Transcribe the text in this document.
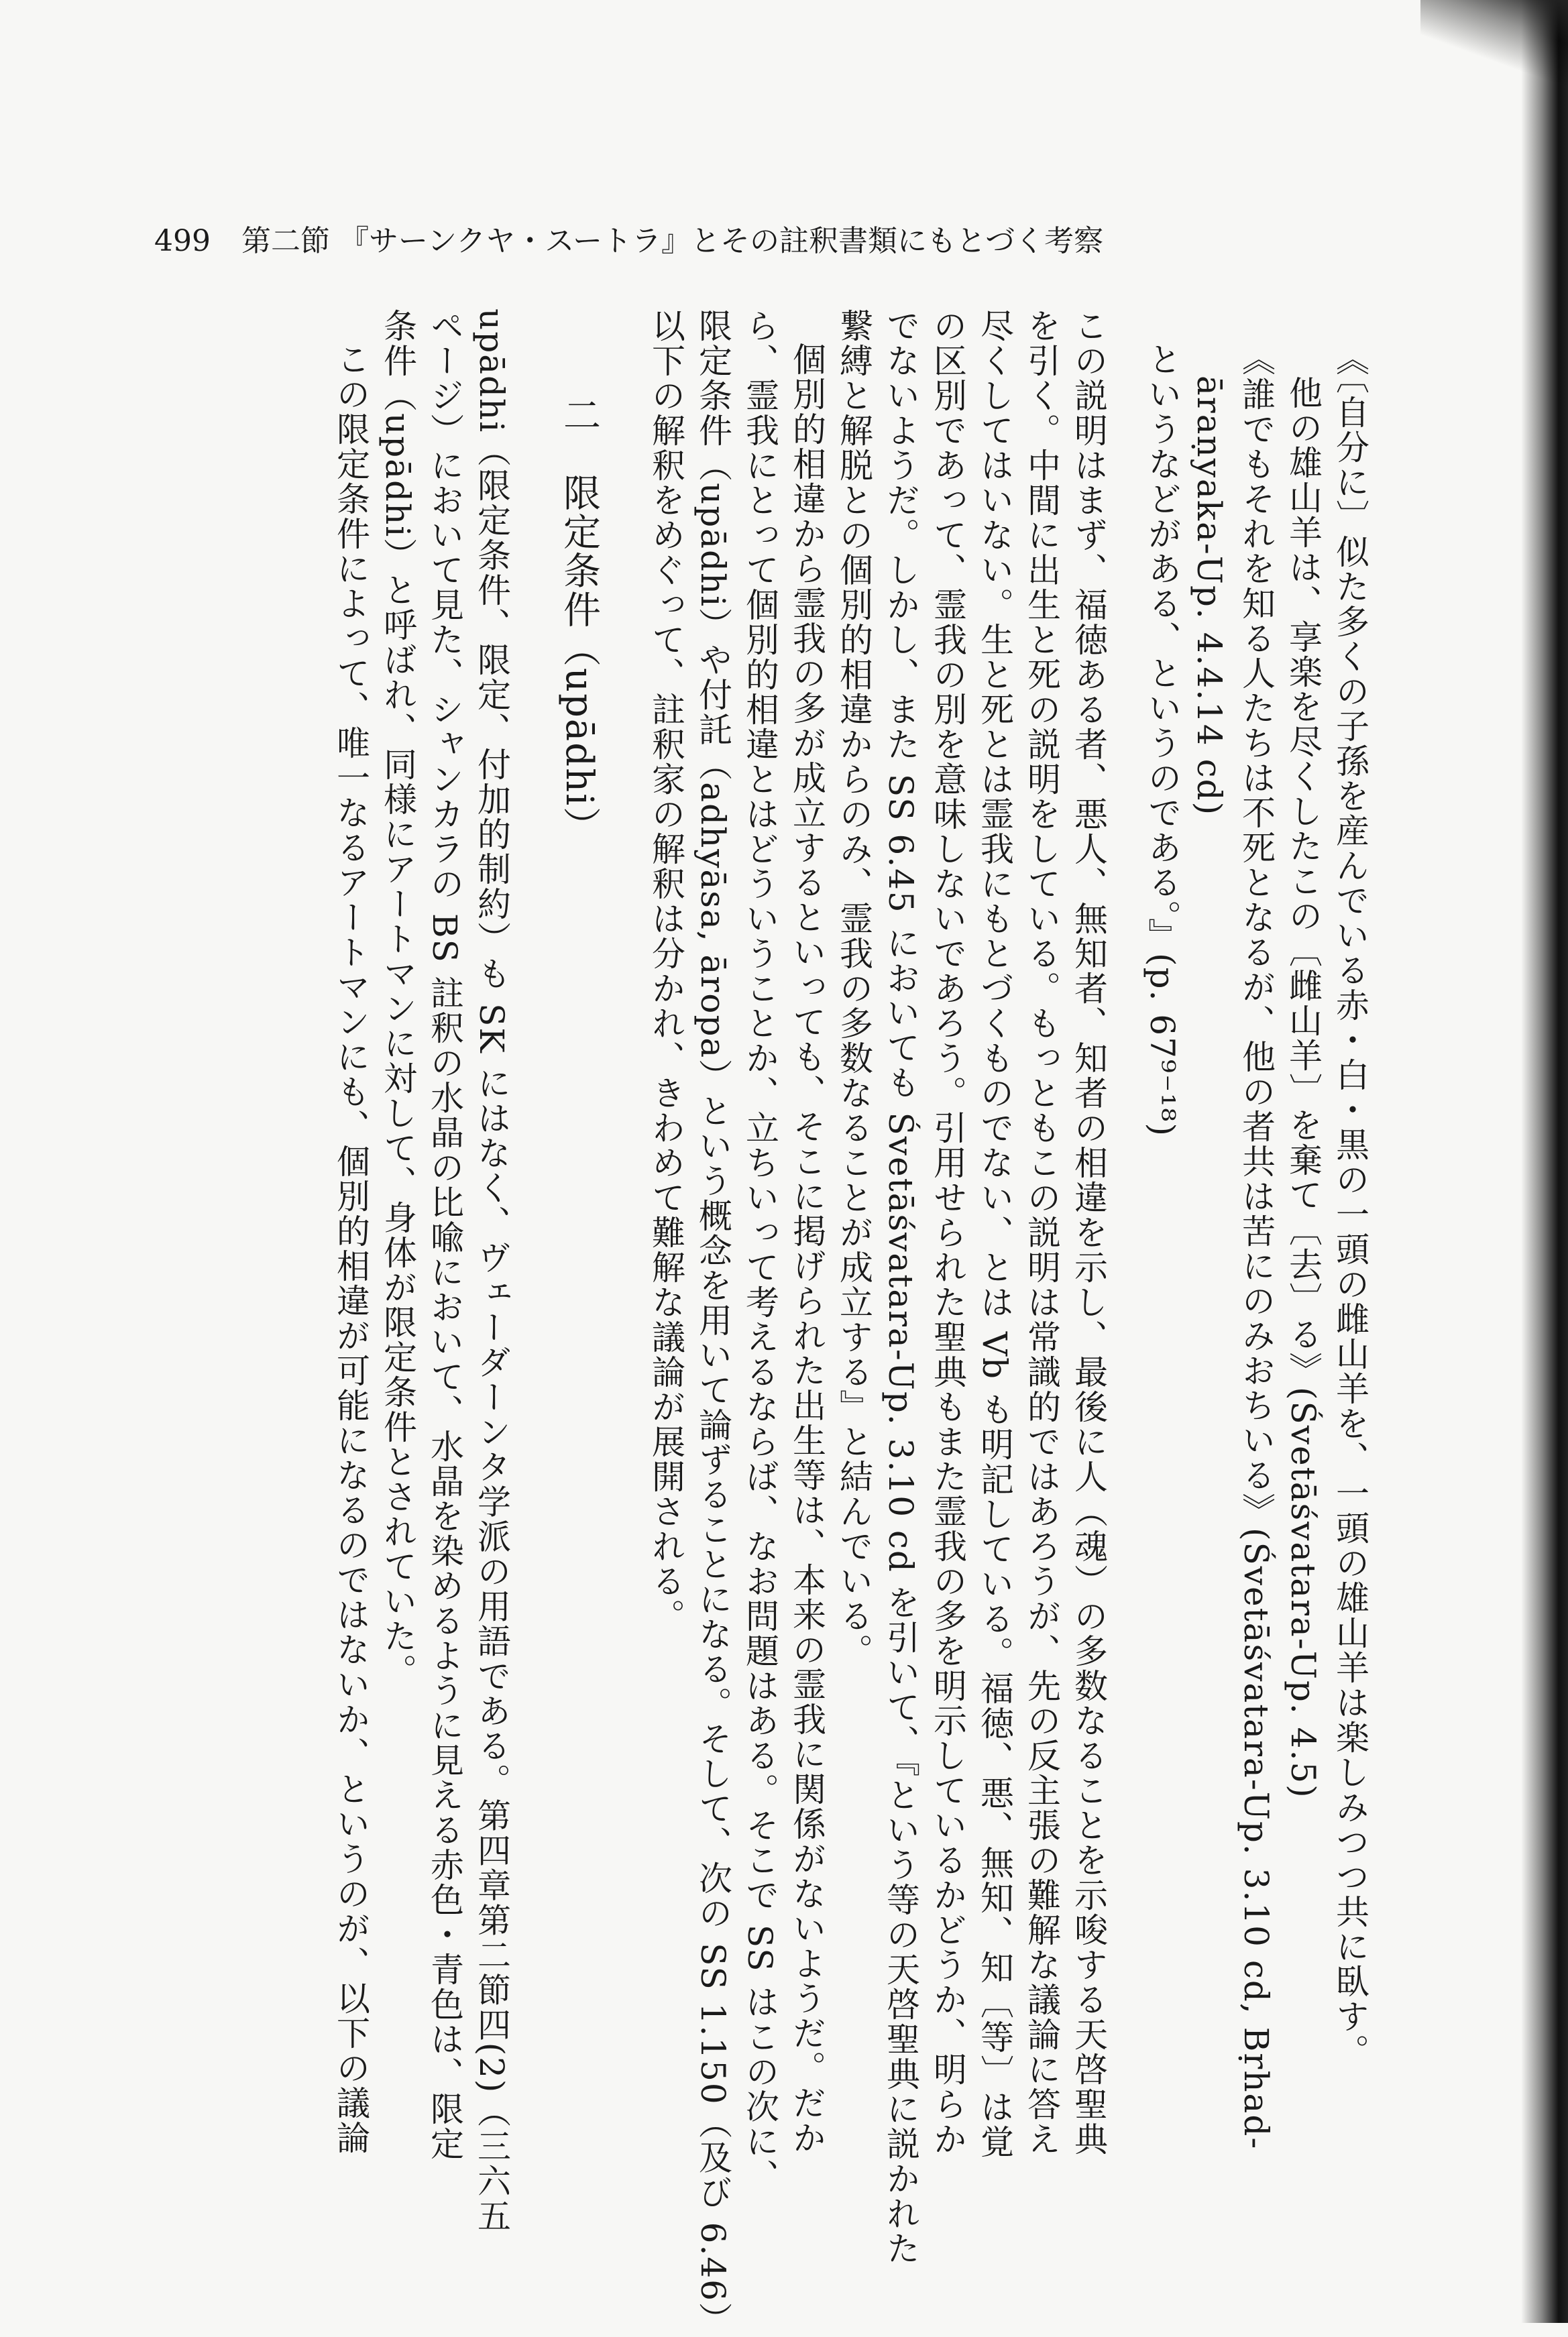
499 第二節 『サーンクヤ・スートラ』とその註釈書類にもとづく考察
《〔自分に〕似た多くの子孫を産んでいる赤・白・黒の一頭の雌山羊を、一頭の雄山羊は楽しみつつ共に臥す。
他の雄山羊は、享楽を尽くしたこの〔雌山羊〕を棄て〔去〕る》(Śvetāśvatara-Up. 4.5)
《誰でもそれを知る人たちは不死となるが、他の者共は苦にのみおちいる》(Śvetāśvatara-Up. 3.10 cd, Bṛhad-
āraṇyaka-Up. 4.4.14 cd)
というなどがある、というのである。』(p. 67⁹⁻¹⁸)
この説明はまず、福徳ある者、悪人、無知者、知者の相違を示し、最後に人（魂）の多数なることを示唆する天啓聖典
を引く。中間に出生と死の説明をしている。もっともこの説明は常識的ではあろうが、先の反主張の難解な議論に答え
尽くしてはいない。生と死とは霊我にもとづくものでない、とは Vb も明記している。福徳、悪、無知、知〔等〕は覚
の区別であって、霊我の別を意味しないであろう。引用せられた聖典もまた霊我の多を明示しているかどうか、明らか
でないようだ。しかし、また SS 6.45 においても Śvetāśvatara-Up. 3.10 cd を引いて、『という等の天啓聖典に説かれた
繋縛と解脱との個別的相違からのみ、霊我の多数なることが成立する』と結んでいる。
個別的相違から霊我の多が成立するといっても、そこに掲げられた出生等は、本来の霊我に関係がないようだ。だか
ら、霊我にとって個別的相違とはどういうことか、立ちいって考えるならば、なお問題はある。そこで SS はこの次に、
限定条件（upādhi）や付託（adhyāsa, āropa）という概念を用いて論ずることになる。そして、次の SS 1.150（及び 6.46）
以下の解釈をめぐって、註釈家の解釈は分かれ、きわめて難解な議論が展開される。
二　限定条件（upādhi）
upādhi（限定条件、限定、付加的制約）も SK にはなく、ヴェーダーンタ学派の用語である。第四章第二節四(2)（三六五
ページ）において見た、シャンカラの BS 註釈の水晶の比喩において、水晶を染めるように見える赤色・青色は、限定
条件（upādhi）と呼ばれ、同様にアートマンに対して、身体が限定条件とされていた。
この限定条件によって、唯一なるアートマンにも、個別的相違が可能になるのではないか、というのが、以下の議論
